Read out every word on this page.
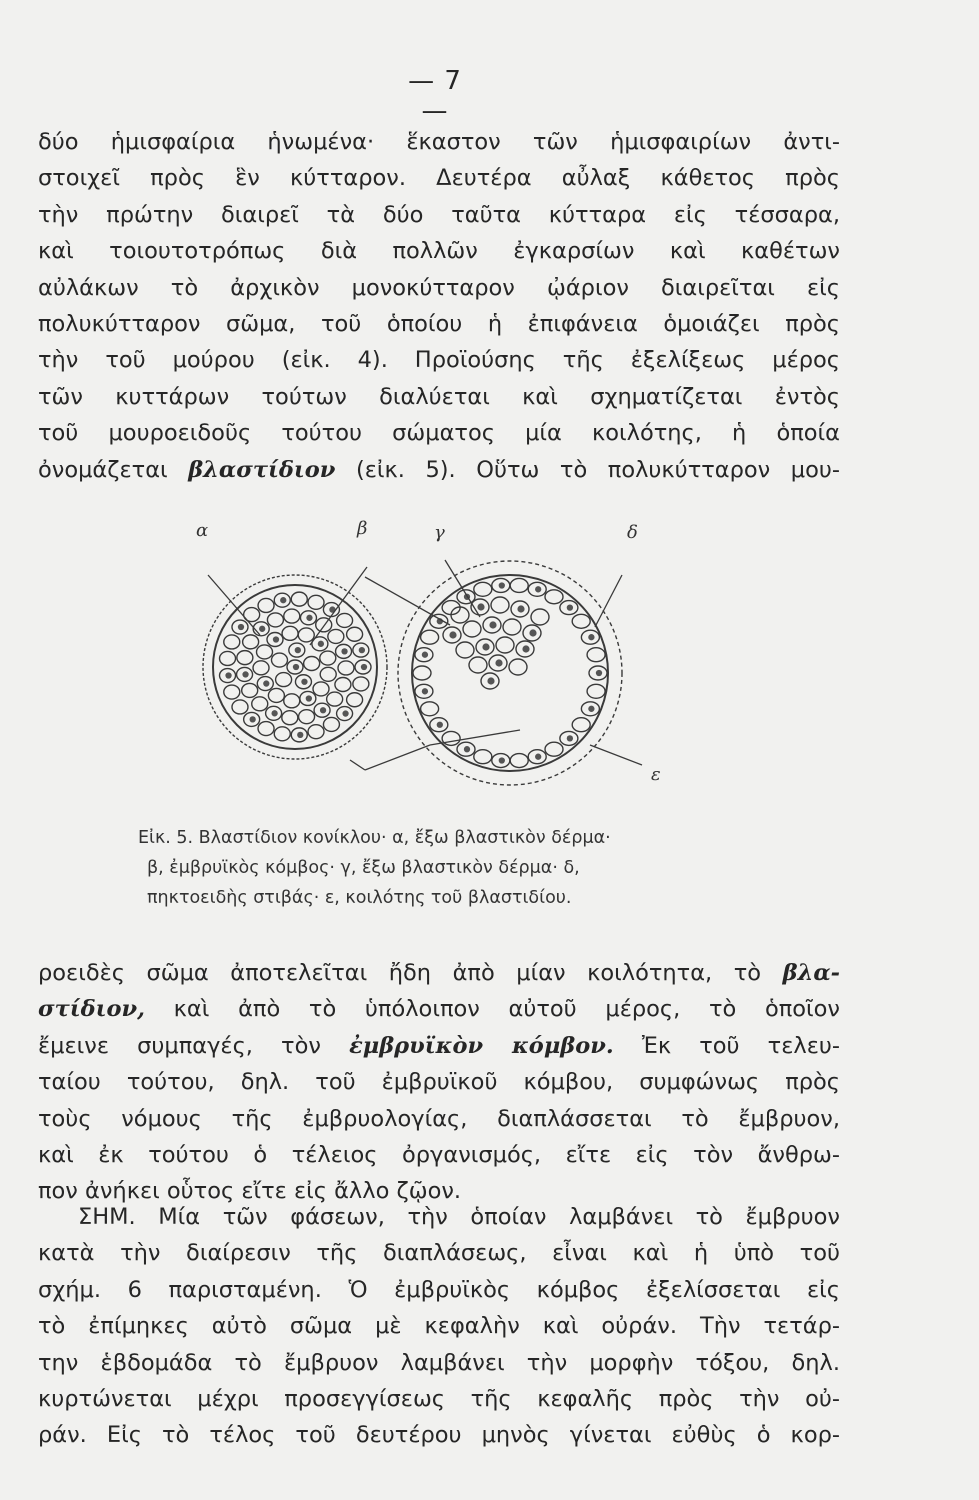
— 7 —
δύο ἡμισφαίρια ἡνωμένα· ἕκαστον τῶν ἡμισφαιρίων ἀντι-
στοιχεῖ πρὸς ἓν κύτταρον. Δευτέρα αὖλαξ κάθετος πρὸς
τὴν πρώτην διαιρεῖ τὰ δύο ταῦτα κύτταρα εἰς τέσσαρα,
καὶ τοιουτοτρόπως διὰ πολλῶν ἐγκαρσίων καὶ καθέτων
αὐλάκων τὸ ἀρχικὸν μονοκύτταρον ᾠάριον διαιρεῖται εἰς
πολυκύτταρον σῶμα, τοῦ ὁποίου ἡ ἐπιφάνεια ὁμοιάζει πρὸς
τὴν τοῦ μούρου (εἰκ. 4). Προϊούσης τῆς ἐξελίξεως μέρος
τῶν κυττάρων τούτων διαλύεται καὶ σχηματίζεται ἐντὸς
τοῦ μουροειδοῦς τούτου σώματος μία κοιλότης, ἡ ὁποία
ὀνομάζεται βλαστίδιον (εἰκ. 5). Οὕτω τὸ πολυκύτταρον μου-
α	β	γ	δ
ε
Εἰκ. 5. Βλαστίδιον κονίκλου· α, ἔξω βλαστικὸν δέρμα·
β, ἐμβρυϊκὸς κόμβος· γ, ἔξω βλαστικὸν δέρμα· δ,
πηκτοειδὴς στιβάς· ε, κοιλότης τοῦ βλαστιδίου.
ροειδὲς σῶμα ἀποτελεῖται ἤδη ἀπὸ μίαν κοιλότητα, τὸ βλα-
στίδιον, καὶ ἀπὸ τὸ ὑπόλοιπον αὐτοῦ μέρος, τὸ ὁποῖον
ἔμεινε συμπαγές, τὸν ἐμβρυϊκὸν κόμβον. Ἐκ τοῦ τελευ-
ταίου τούτου, δηλ. τοῦ ἐμβρυϊκοῦ κόμβου, συμφώνως πρὸς
τοὺς νόμους τῆς ἐμβρυολογίας, διαπλάσσεται τὸ ἔμβρυον,
καὶ ἐκ τούτου ὁ τέλειος ὀργανισμός, εἴτε εἰς τὸν ἄνθρω-
πον ἀνήκει οὗτος εἴτε εἰς ἄλλο ζῷον.
ΣΗΜ. Μία τῶν φάσεων, τὴν ὁποίαν λαμβάνει τὸ ἔμβρυον
κατὰ τὴν διαίρεσιν τῆς διαπλάσεως, εἶναι καὶ ἡ ὑπὸ τοῦ
σχήμ. 6 παρισταμένη. Ὁ ἐμβρυϊκὸς κόμβος ἐξελίσσεται εἰς
τὸ ἐπίμηκες αὐτὸ σῶμα μὲ κεφαλὴν καὶ οὐράν. Τὴν τετάρ-
την ἑβδομάδα τὸ ἔμβρυον λαμβάνει τὴν μορφὴν τόξου, δηλ.
κυρτώνεται μέχρι προσεγγίσεως τῆς κεφαλῆς πρὸς τὴν οὐ-
ράν. Εἰς τὸ τέλος τοῦ δευτέρου μηνὸς γίνεται εὐθὺς ὁ κορ-
